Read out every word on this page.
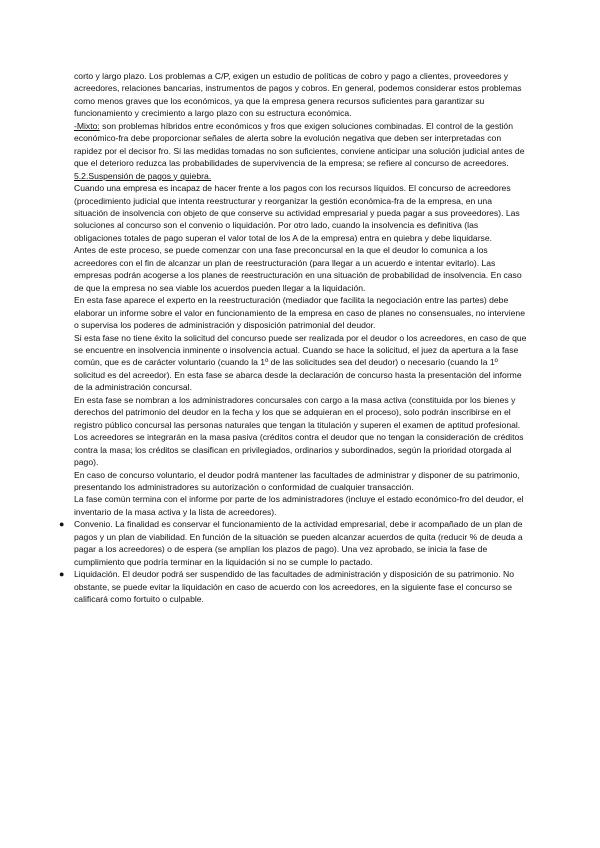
corto y largo plazo. Los problemas a C/P, exigen un estudio de políticas de cobro y pago a clientes, proveedores y acreedores, relaciones bancarias, instrumentos de pagos y cobros. En general, podemos considerar estos problemas como menos graves que los económicos, ya que la empresa genera recursos suficientes para garantizar su funcionamiento y crecimiento a largo plazo con su estructura económica.

-Mixto: son problemas híbridos entre económicos y fros que exigen soluciones combinadas. El control de la gestión económico-fra debe proporcionar señales de alerta sobre la evolución negativa que deben ser interpretadas con rapidez por el decisor fro. Si las medidas tomadas no son suficientes, conviene anticipar una solución judicial antes de que el deterioro reduzca las probabilidades de supervivencia de la empresa; se refiere al concurso de acreedores.

5.2.Suspensión de pagos y quiebra.

Cuando una empresa es incapaz de hacer frente a los pagos con los recursos líquidos. El concurso de acreedores (procedimiento judicial que intenta reestructurar y reorganizar la gestión económica-fra de la empresa, en una situación de insolvencia con objeto de que conserve su actividad empresarial y pueda pagar a sus proveedores). Las soluciones al concurso son el convenio o liquidación. Por otro lado, cuando la insolvencia es definitiva (las obligaciones totales de pago superan el valor total de los A de la empresa) entra en quiebra y debe liquidarse.

Antes de este proceso, se puede comenzar con una fase preconcursal en la que el deudor lo comunica a los acreedores con el fin de alcanzar un plan de reestructuración (para llegar a un acuerdo e intentar evitarlo). Las empresas podrán acogerse a los planes de reestructuración en una situación de probabilidad de insolvencia. En caso de que la empresa no sea viable los acuerdos pueden llegar a la liquidación.

En esta fase aparece el experto en la reestructuración (mediador que facilita la negociación entre las partes) debe elaborar un informe sobre el valor en funcionamiento de la empresa en caso de planes no consensuales, no interviene o supervisa los poderes de administración y disposición patrimonial del deudor.

Si esta fase no tiene éxito la solicitud del concurso puede ser realizada por el deudor o los acreedores, en caso de que se encuentre en insolvencia inminente o insolvencia actual. Cuando se hace la solicitud, el juez da apertura a la fase común, que es de carácter voluntario (cuando la 1º de las solicitudes sea del deudor) o necesario (cuando la 1º solicitud es del acreedor). En esta fase se abarca desde la declaración de concurso hasta la presentación del informe de la administración concursal.

En esta fase se nombran a los administradores concursales con cargo a la masa activa (constituida por los bienes y derechos del patrimonio del deudor en la fecha y los que se adquieran en el proceso), solo podrán inscribirse en el registro público concursal las personas naturales que tengan la titulación y superen el examen de aptitud profesional. Los acreedores se integrarán en la masa pasiva (créditos contra el deudor que no tengan la consideración de créditos contra la masa; los créditos se clasifican en privilegiados, ordinarios y subordinados, según la prioridad otorgada al pago).

En caso de concurso voluntario, el deudor podrá mantener las facultades de administrar y disponer de su patrimonio, presentando los administradores su autorización o conformidad de cualquier transacción.

La fase común termina con el informe por parte de los administradores (incluye el estado económico-fro del deudor, el inventario de la masa activa y la lista de acreedores).

● Convenio. La finalidad es conservar el funcionamiento de la actividad empresarial, debe ir acompañado de un plan de pagos y un plan de viabilidad. En función de la situación se pueden alcanzar acuerdos de quita (reducir % de deuda a pagar a los acreedores) o de espera (se amplían los plazos de pago). Una vez aprobado, se inicia la fase de cumplimiento que podría terminar en la liquidación si no se cumple lo pactado.
● Liquidación. El deudor podrá ser suspendido de las facultades de administración y disposición de su patrimonio. No obstante, se puede evitar la liquidación en caso de acuerdo con los acreedores, en la siguiente fase el concurso se calificará como fortuito o culpable.
